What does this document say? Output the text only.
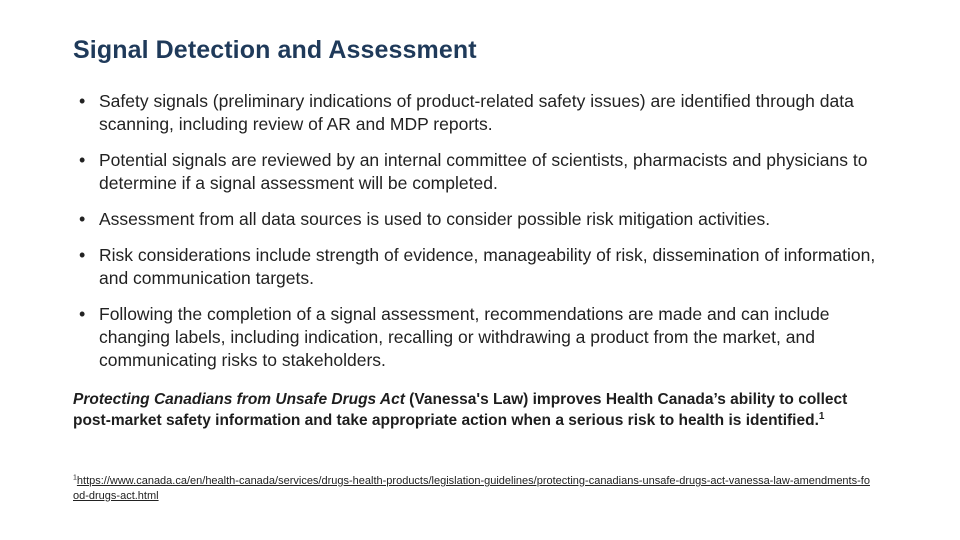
Signal Detection and Assessment
• Safety signals (preliminary indications of product-related safety issues) are identified through data scanning, including review of AR and MDP reports.
• Potential signals are reviewed by an internal committee of scientists, pharmacists and physicians to determine if a signal assessment will be completed.
• Assessment from all data sources is used to consider possible risk mitigation activities.
• Risk considerations include strength of evidence, manageability of risk, dissemination of information, and communication targets.
• Following the completion of a signal assessment, recommendations are made and can include changing labels, including indication, recalling or withdrawing a product from the market, and communicating risks to stakeholders.
Protecting Canadians from Unsafe Drugs Act (Vanessa's Law) improves Health Canada’s ability to collect post-market safety information and take appropriate action when a serious risk to health is identified.$^1$
$^1$https://www.canada.ca/en/health-canada/services/drugs-health-products/legislation-guidelines/protecting-canadians-unsafe-drugs-act-vanessa-law-amendments-food-drugs-act.html
